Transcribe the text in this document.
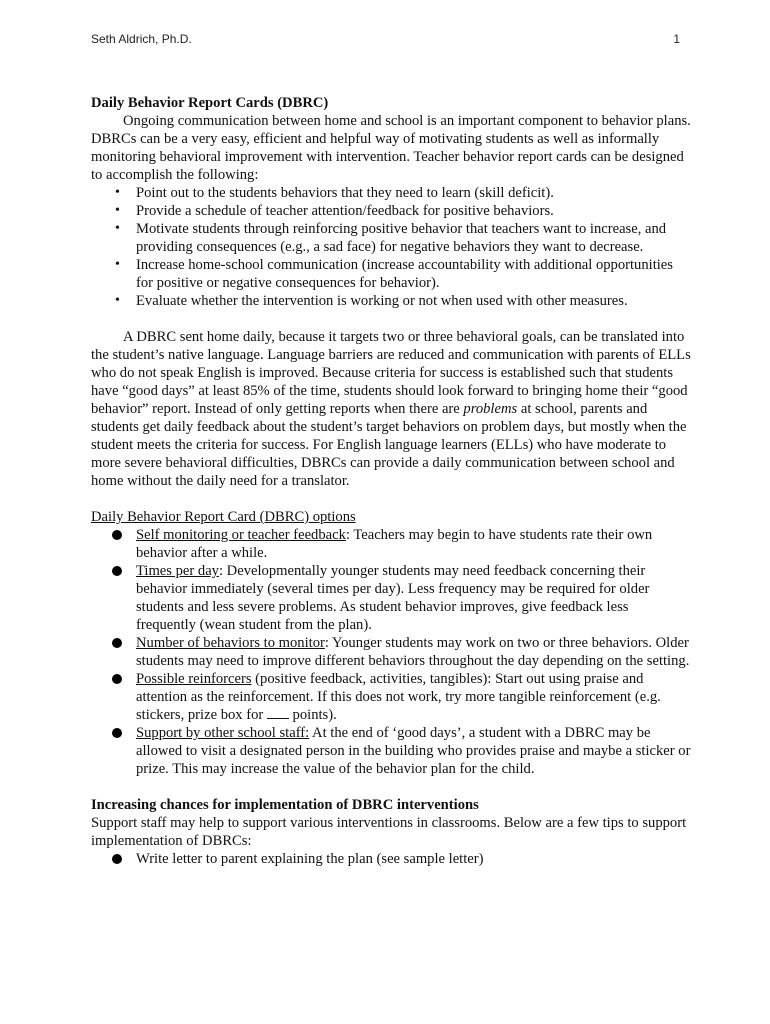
Seth Aldrich, Ph.D.	1

Daily Behavior Report Cards (DBRC)

Ongoing communication between home and school is an important component to behavior plans. DBRCs can be a very easy, efficient and helpful way of motivating students as well as informally monitoring behavioral improvement with intervention. Teacher behavior report cards can be designed to accomplish the following:

• Point out to the students behaviors that they need to learn (skill deficit).
• Provide a schedule of teacher attention/feedback for positive behaviors.
• Motivate students through reinforcing positive behavior that teachers want to increase, and providing consequences (e.g., a sad face) for negative behaviors they want to decrease.
• Increase home-school communication (increase accountability with additional opportunities for positive or negative consequences for behavior).
• Evaluate whether the intervention is working or not when used with other measures.

A DBRC sent home daily, because it targets two or three behavioral goals, can be translated into the student’s native language. Language barriers are reduced and communication with parents of ELLs who do not speak English is improved. Because criteria for success is established such that students have “good days” at least 85% of the time, students should look forward to bringing home their “good behavior” report. Instead of only getting reports when there are problems at school, parents and students get daily feedback about the student’s target behaviors on problem days, but mostly when the student meets the criteria for success. For English language learners (ELLs) who have moderate to more severe behavioral difficulties, DBRCs can provide a daily communication between school and home without the daily need for a translator.

Daily Behavior Report Card (DBRC) options

Self monitoring or teacher feedback: Teachers may begin to have students rate their own behavior after a while.
Times per day: Developmentally younger students may need feedback concerning their behavior immediately (several times per day). Less frequency may be required for older students and less severe problems. As student behavior improves, give feedback less frequently (wean student from the plan).
Number of behaviors to monitor: Younger students may work on two or three behaviors. Older students may need to improve different behaviors throughout the day depending on the setting.
Possible reinforcers (positive feedback, activities, tangibles): Start out using praise and attention as the reinforcement. If this does not work, try more tangible reinforcement (e.g. stickers, prize box for  points).
Support by other school staff: At the end of ‘good days’, a student with a DBRC may be allowed to visit a designated person in the building who provides praise and maybe a sticker or prize. This may increase the value of the behavior plan for the child.

Increasing chances for implementation of DBRC interventions

Support staff may help to support various interventions in classrooms. Below are a few tips to support implementation of DBRCs:

Write letter to parent explaining the plan (see sample letter)
